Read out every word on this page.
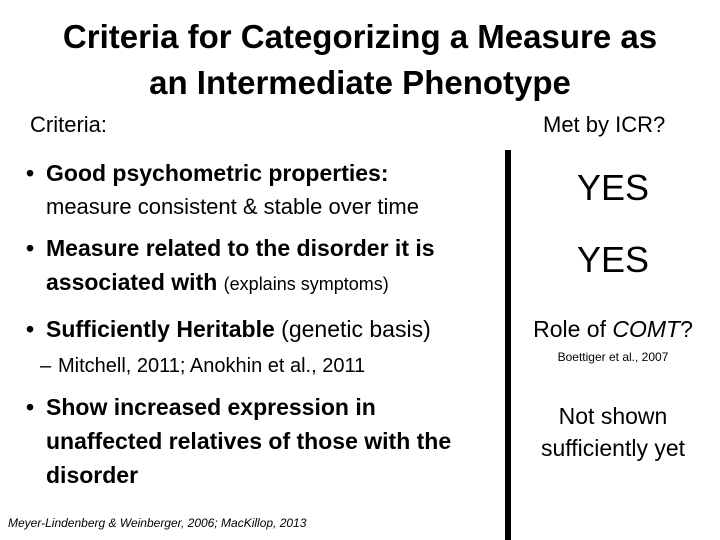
Criteria for Categorizing a Measure as
an Intermediate Phenotype
Criteria:	Met by ICR?
• Good psychometric properties:
measure consistent & stable over time
• Measure related to the disorder it is associated with (explains symptoms)
• Sufficiently Heritable (genetic basis)
– Mitchell, 2011; Anokhin et al., 2011
• Show increased expression in unaffected relatives of those with the disorder
Meyer-Lindenberg & Weinberger, 2006; MacKillop, 2013
YES
YES
Role of COMT?
Boettiger et al., 2007
Not shown sufficiently yet
